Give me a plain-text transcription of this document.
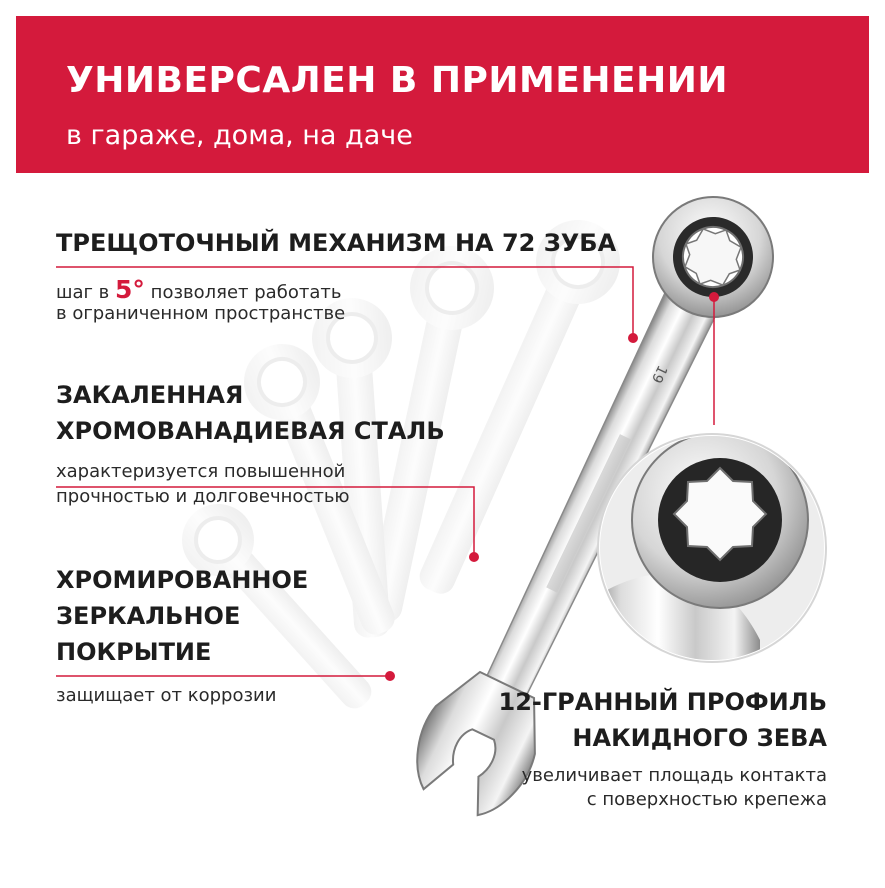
УНИВЕРСАЛЕН В ПРИМЕНЕНИИ
в гараже, дома, на даче
19
ТРЕЩОТОЧНЫЙ МЕХАНИЗМ НА 72 ЗУБА
шаг в 5° позволяет работать
в ограниченном пространстве
ЗАКАЛЕННАЯ
ХРОМОВАНАДИЕВАЯ СТАЛЬ
характеризуется повышенной
прочностью и долговечностью
ХРОМИРОВАННОЕ
ЗЕРКАЛЬНОЕ
ПОКРЫТИЕ
защищает от коррозии	12-ГРАННЫЙ ПРОФИЛЬ
НАКИДНОГО ЗЕВА
увеличивает площадь контакта
с поверхностью крепежа
